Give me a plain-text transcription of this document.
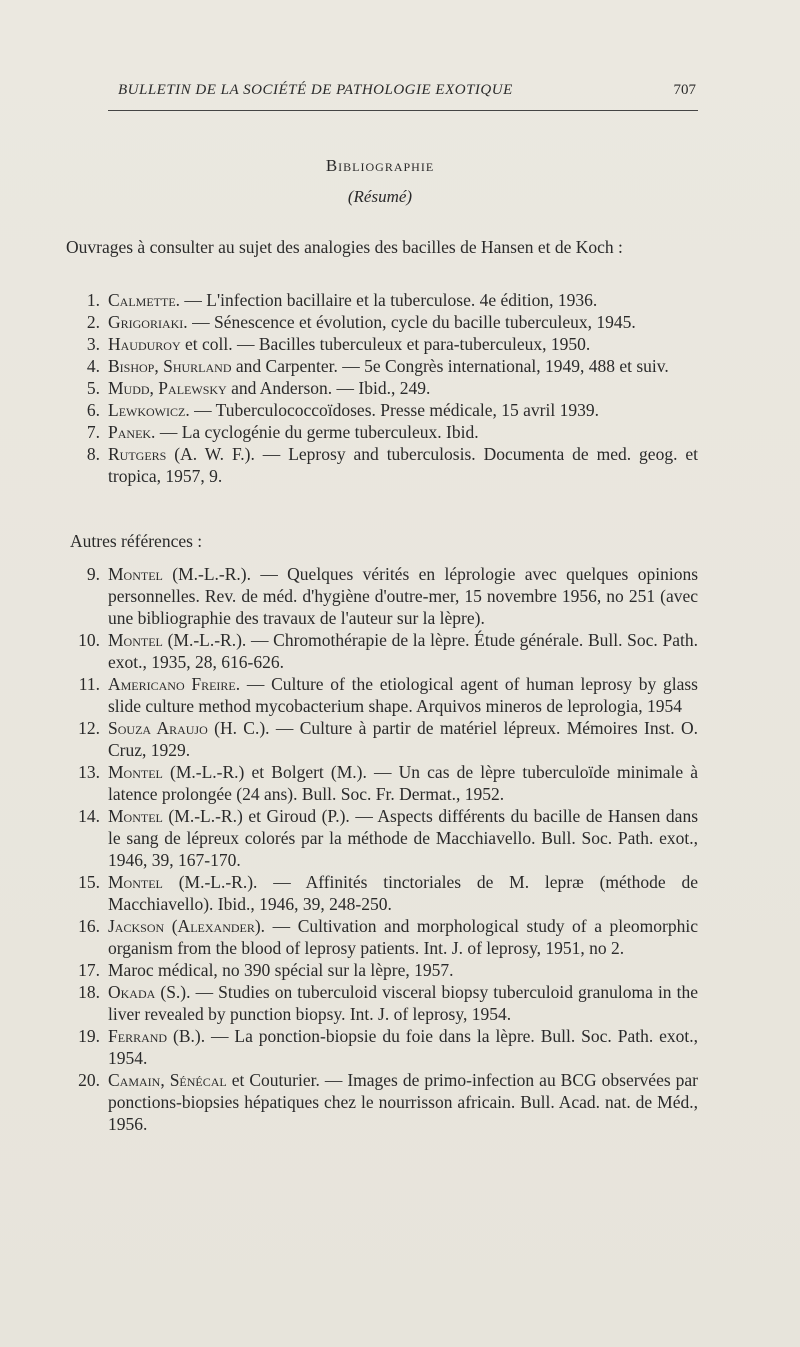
BULLETIN DE LA SOCIÉTÉ DE PATHOLOGIE EXOTIQUE	707
Bibliographie
(Résumé)
Ouvrages à consulter au sujet des analogies des bacilles de Hansen et de Koch :
1. Calmette. — L'infection bacillaire et la tuberculose. 4e édition, 1936.
2. Grigoriaki. — Sénescence et évolution, cycle du bacille tuberculeux, 1945.
3. Hauduroy et coll. — Bacilles tuberculeux et para-tuberculeux, 1950.
4. Bishop, Shurland and Carpenter. — 5e Congrès international, 1949, 488 et suiv.
5. Mudd, Palewsky and Anderson. — Ibid., 249.
6. Lewkowicz. — Tuberculococcoïdoses. Presse médicale, 15 avril 1939.
7. Panek. — La cyclogénie du germe tuberculeux. Ibid.
8. Rutgers (A. W. F.). — Leprosy and tuberculosis. Documenta de med. geog. et tropica, 1957, 9.
Autres références :
9. Montel (M.-L.-R.). — Quelques vérités en léprologie avec quelques opinions personnelles. Rev. de méd. d'hygiène d'outre-mer, 15 novembre 1956, no 251 (avec une bibliographie des travaux de l'auteur sur la lèpre).
10. Montel (M.-L.-R.). — Chromothérapie de la lèpre. Étude générale. Bull. Soc. Path. exot., 1935, 28, 616-626.
11. Americano Freire. — Culture of the etiological agent of human leprosy by glass slide culture method mycobacterium shape. Arquivos mineros de leprologia, 1954
12. Souza Araujo (H. C.). — Culture à partir de matériel lépreux. Mémoires Inst. O. Cruz, 1929.
13. Montel (M.-L.-R.) et Bolgert (M.). — Un cas de lèpre tuberculoïde minimale à latence prolongée (24 ans). Bull. Soc. Fr. Dermat., 1952.
14. Montel (M.-L.-R.) et Giroud (P.). — Aspects différents du bacille de Hansen dans le sang de lépreux colorés par la méthode de Macchiavello. Bull. Soc. Path. exot., 1946, 39, 167-170.
15. Montel (M.-L.-R.). — Affinités tinctoriales de M. lepræ (méthode de Macchiavello). Ibid., 1946, 39, 248-250.
16. Jackson (Alexander). — Cultivation and morphological study of a pleomorphic organism from the blood of leprosy patients. Int. J. of leprosy, 1951, no 2.
17. Maroc médical, no 390 spécial sur la lèpre, 1957.
18. Okada (S.). — Studies on tuberculoid visceral biopsy tuberculoid granuloma in the liver revealed by punction biopsy. Int. J. of leprosy, 1954.
19. Ferrand (B.). — La ponction-biopsie du foie dans la lèpre. Bull. Soc. Path. exot., 1954.
20. Camain, Sénécal et Couturier. — Images de primo-infection au BCG observées par ponctions-biopsies hépatiques chez le nourrisson africain. Bull. Acad. nat. de Méd., 1956.
